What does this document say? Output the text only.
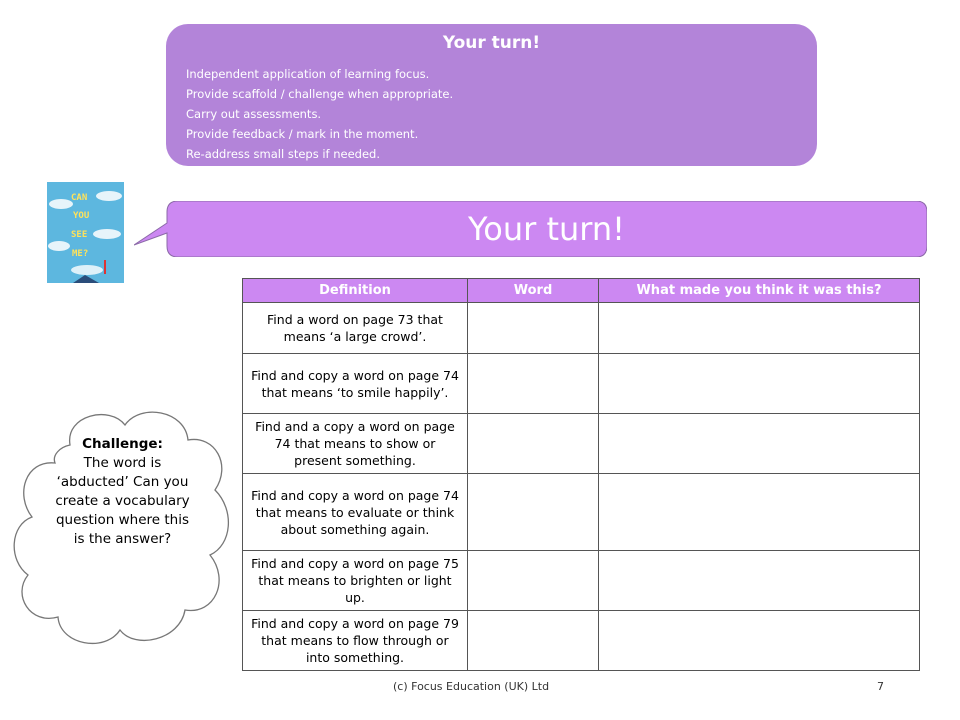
Your turn!

Independent application of learning focus.

Provide scaffold / challenge when appropriate.

Carry out assessments.

Provide feedback / mark in the moment.

Re-address small steps if needed.

CAN
YOU
SEE
ME?
Your turn!
Definition	Word	What made you think it was this?
Find a word on page 73 that means ‘a large crowd’.		
Find and copy a word on page 74 that means ‘to smile happily’.		
Find and a copy a word on page 74 that means to show or present something.		
Find and copy a word on page 74 that means to evaluate or think about something again.		
Find and copy a word on page 75 that means to brighten or light up.		
Find and copy a word on page 79 that means to flow through or into something.		
Challenge:
The word is ‘abducted’ Can you create a vocabulary question where this is the answer?
(c) Focus Education (UK) Ltd	7
